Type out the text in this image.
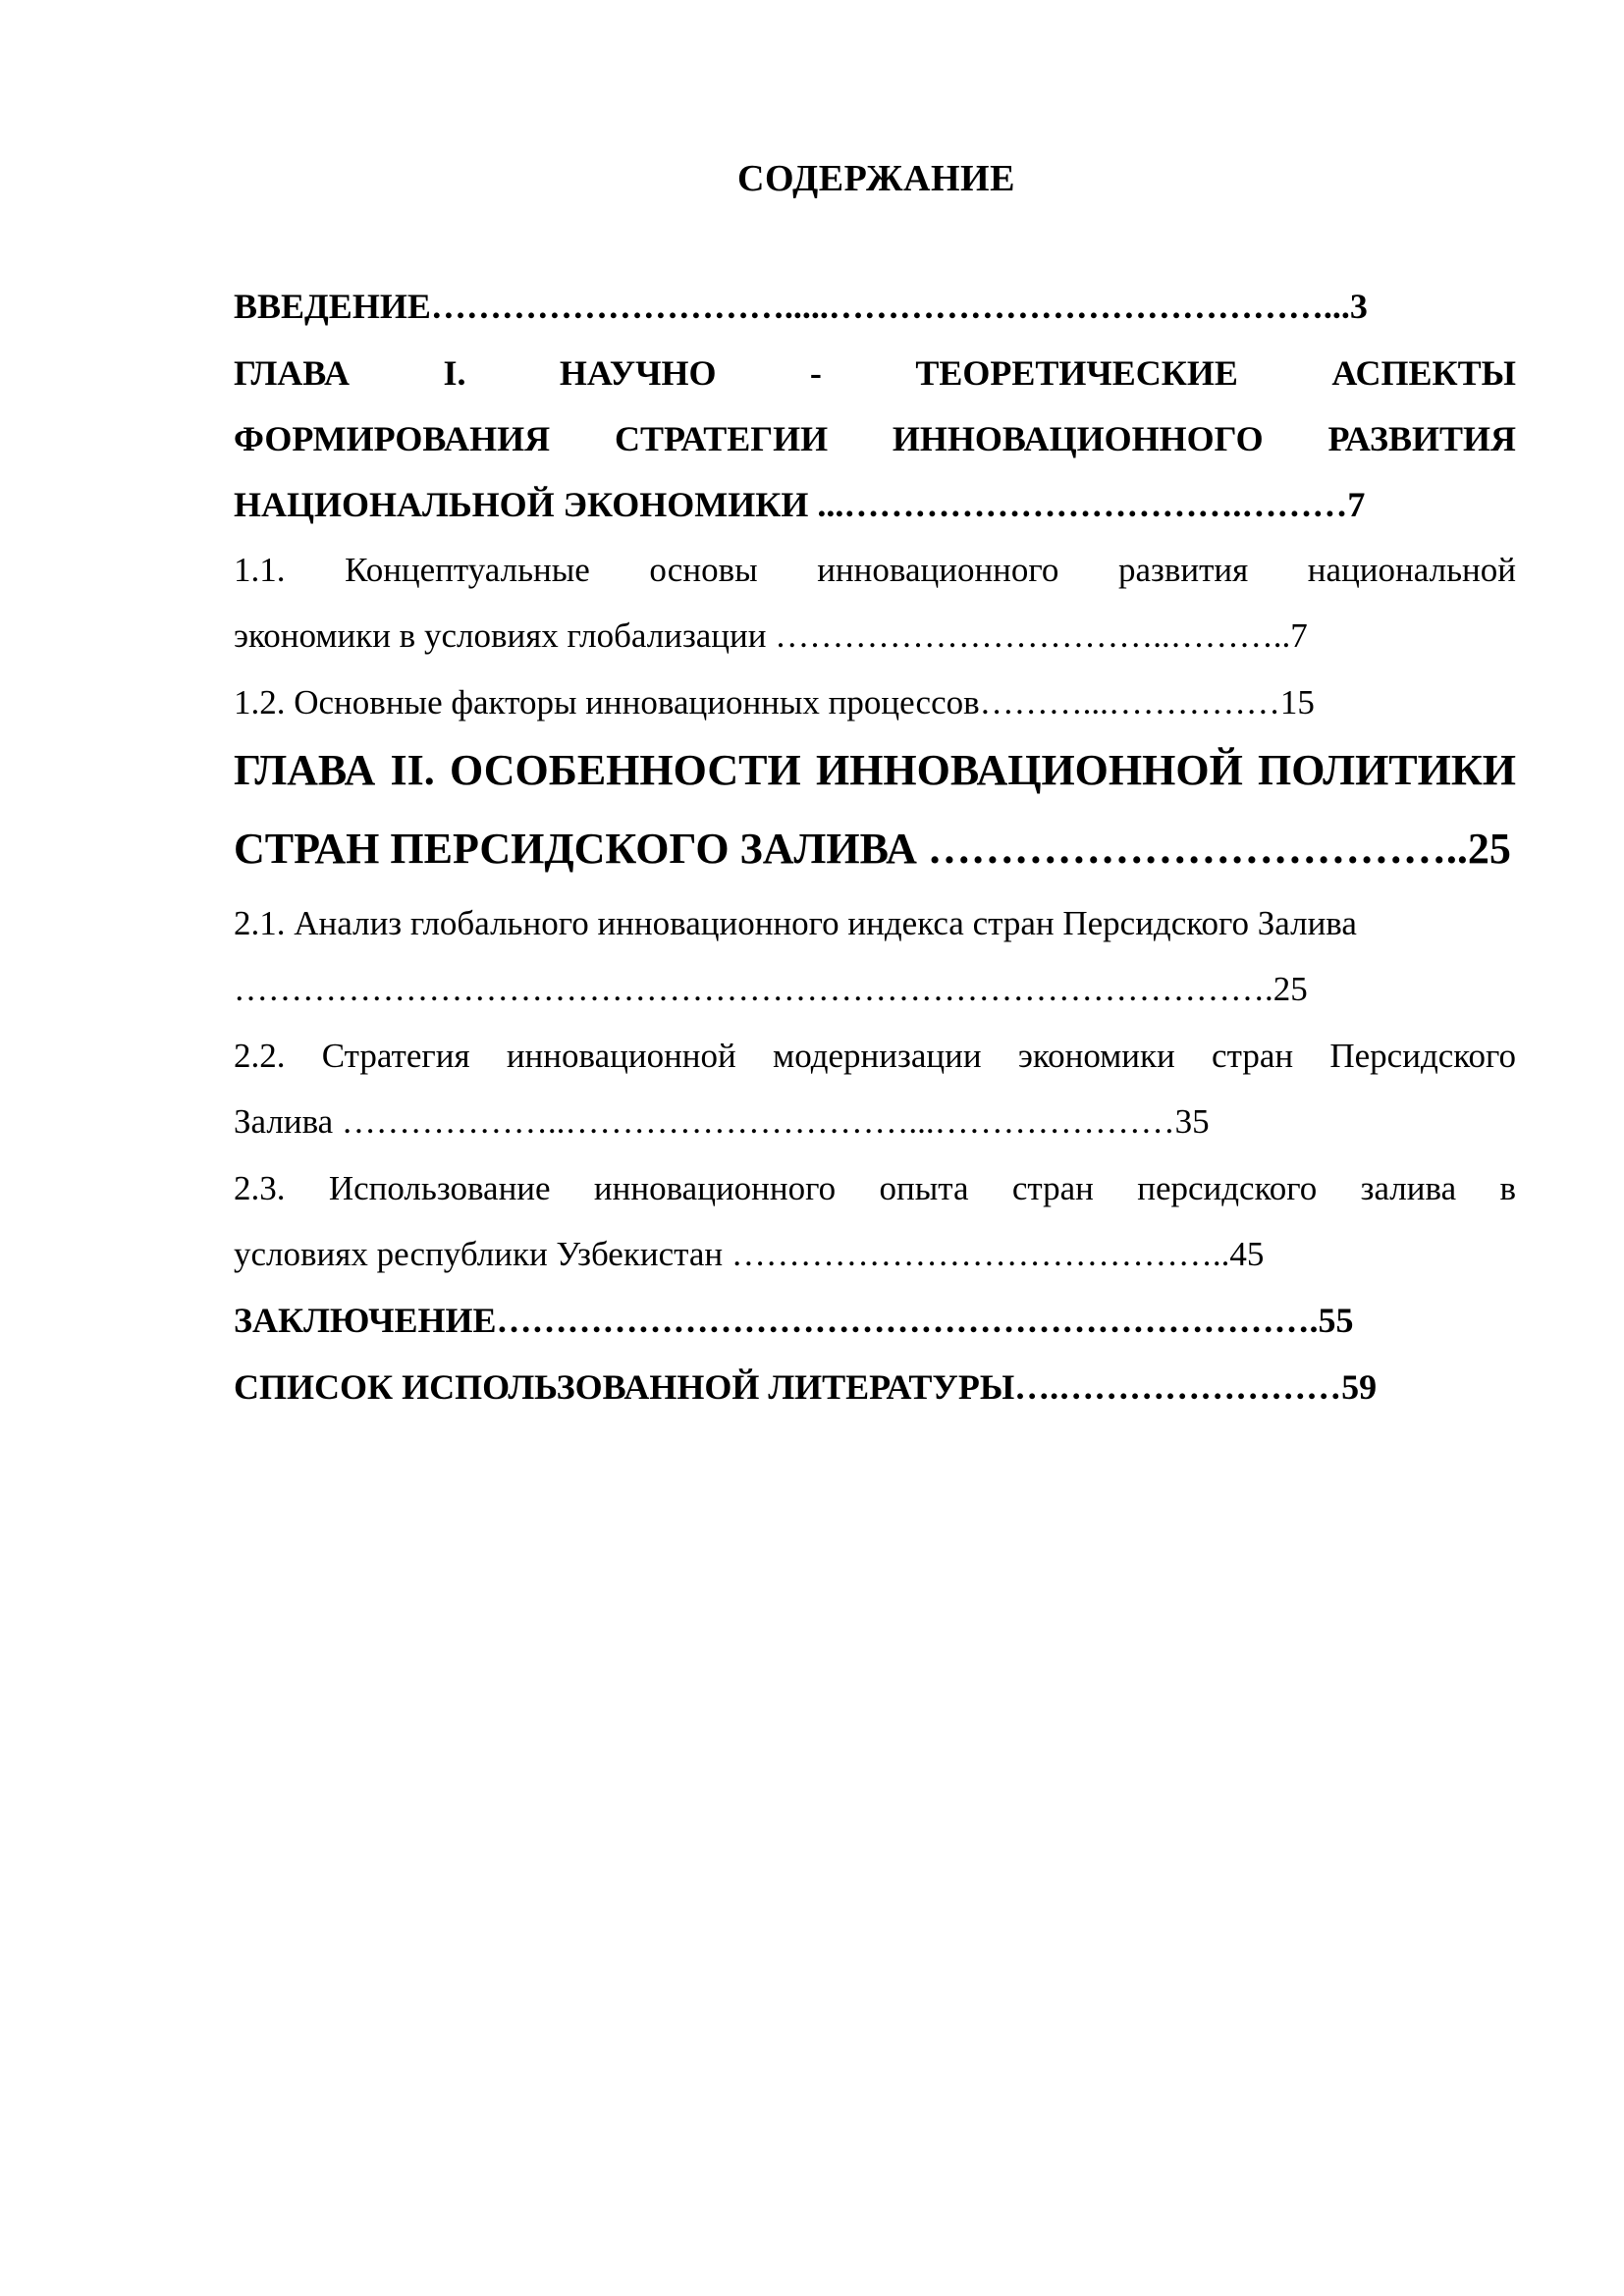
СОДЕРЖАНИЕ
ВВЕДЕНИЕ………………………….....……………………………………...3
ГЛАВА I. НАУЧНО - ТЕОРЕТИЧЕСКИЕ АСПЕКТЫ
ФОРМИРОВАНИЯ СТРАТЕГИИ ИННОВАЦИОННОГО РАЗВИТИЯ
НАЦИОНАЛЬНОЙ ЭКОНОМИКИ ...…………………………….………7
1.1. Концептуальные основы инновационного развития национальной
экономики в условиях глобализации ……………………………..………..7
1.2. Основные факторы инновационных процессов………...……………15
ГЛАВА II. ОСОБЕННОСТИ ИННОВАЦИОННОЙ ПОЛИТИКИ
СТРАН ПЕРСИДСКОГО ЗАЛИВА ………………………………..25
2.1. Анализ глобального инновационного индекса стран Персидского Залива
……………………………………………………………………………….25
2.2. Стратегия инновационной модернизации экономики стран Персидского
Залива ………………..…………………………...…………………35
2.3. Использование инновационного опыта стран персидского залива в
условиях республики Узбекистан ……………………………………..45
ЗАКЛЮЧЕНИЕ…………………………………………………………….55
СПИСОК ИСПОЛЬЗОВАННОЙ ЛИТЕРАТУРЫ….……………………59
